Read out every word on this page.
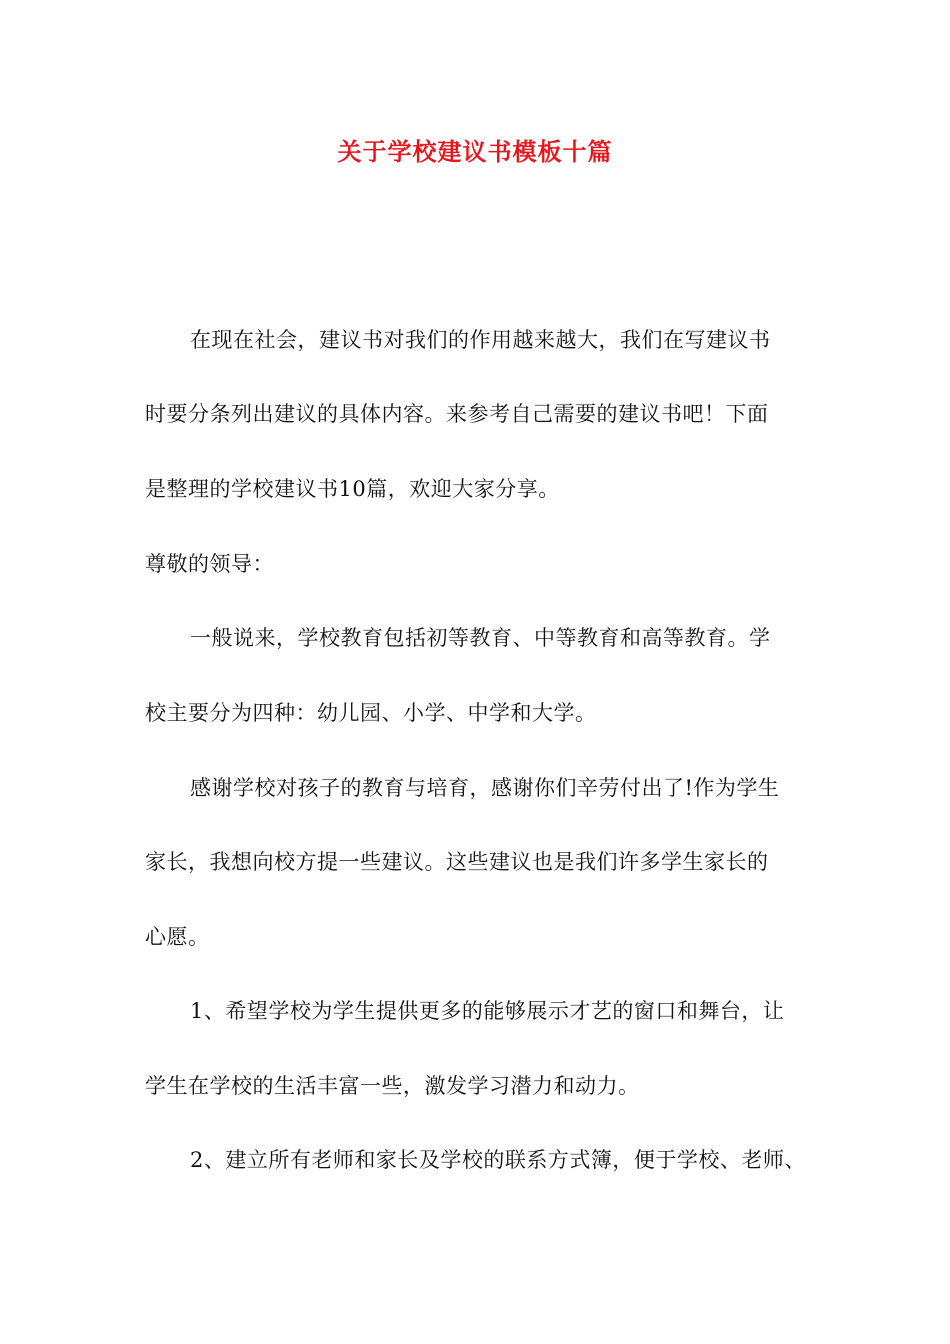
关于学校建议书模板十篇
在现在社会，建议书对我们的作用越来越大，我们在写建议书
时要分条列出建议的具体内容。来参考自己需要的建议书吧！下面
是整理的学校建议书10篇，欢迎大家分享。
尊敬的领导：
一般说来，学校教育包括初等教育、中等教育和高等教育。学
校主要分为四种：幼儿园、小学、中学和大学。
感谢学校对孩子的教育与培育，感谢你们辛劳付出了!作为学生
家长，我想向校方提一些建议。这些建议也是我们许多学生家长的
心愿。
1、希望学校为学生提供更多的能够展示才艺的窗口和舞台，让
学生在学校的生活丰富一些，激发学习潜力和动力。
2、建立所有老师和家长及学校的联系方式簿，便于学校、老师、
